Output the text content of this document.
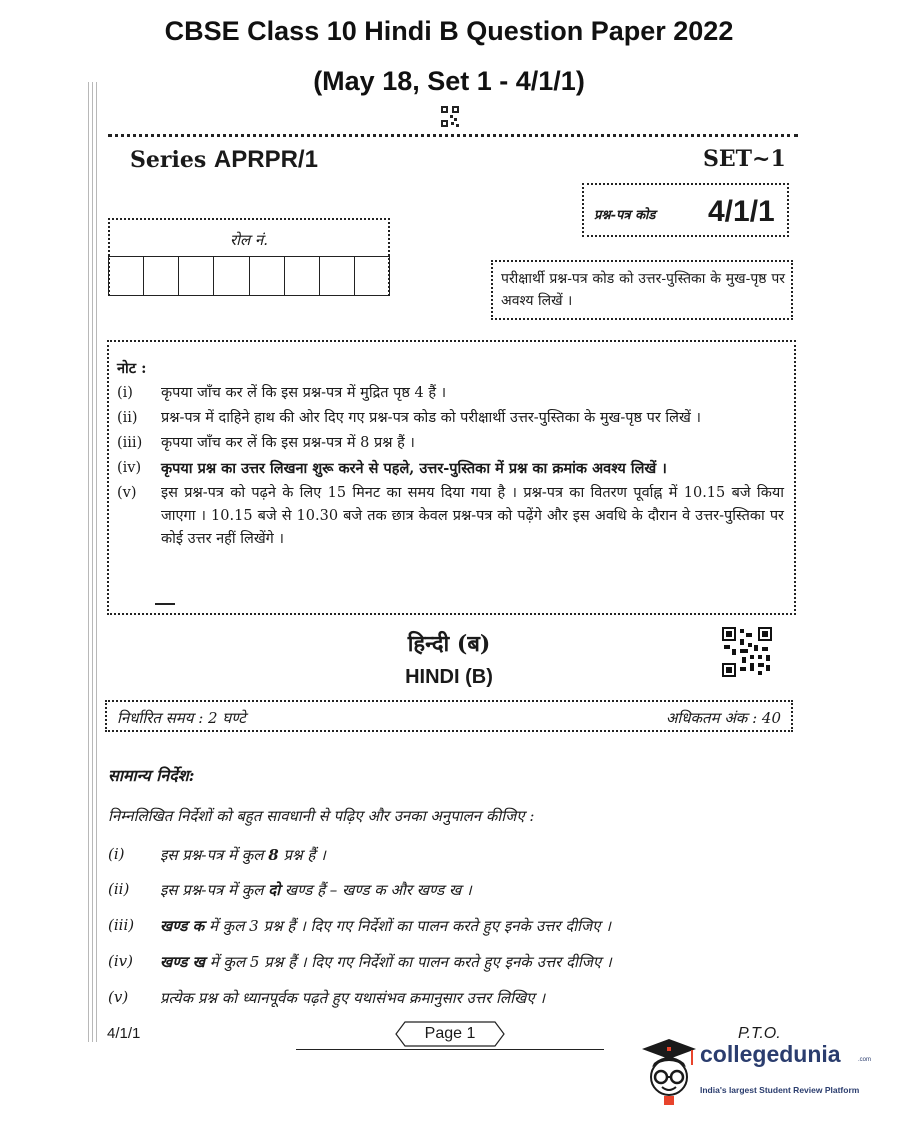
CBSE Class 10 Hindi B Question Paper 2022
(May 18, Set 1 - 4/1/1)
Series APRPR/1	SET~1
प्रश्न-पत्र कोड 4/1/1
रोल नं.
परीक्षार्थी प्रश्न-पत्र कोड को उत्तर-पुस्तिका के मुख-पृष्ठ पर अवश्य लिखें ।
नोट :
(i)	कृपया जाँच कर लें कि इस प्रश्न-पत्र में मुद्रित पृष्ठ 4 हैं ।
(ii)	प्रश्न-पत्र में दाहिने हाथ की ओर दिए गए प्रश्न-पत्र कोड को परीक्षार्थी उत्तर-पुस्तिका के मुख-पृष्ठ पर लिखें ।
(iii)	कृपया जाँच कर लें कि इस प्रश्न-पत्र में 8 प्रश्न हैं ।
(iv)	कृपया प्रश्न का उत्तर लिखना शुरू करने से पहले, उत्तर-पुस्तिका में प्रश्न का क्रमांक अवश्य लिखें ।
(v)	इस प्रश्न-पत्र को पढ़ने के लिए 15 मिनट का समय दिया गया है । प्रश्न-पत्र का वितरण पूर्वाह्न में 10.15 बजे किया जाएगा । 10.15 बजे से 10.30 बजे तक छात्र केवल प्रश्न-पत्र को पढ़ेंगे और इस अवधि के दौरान वे उत्तर-पुस्तिका पर कोई उत्तर नहीं लिखेंगे ।
हिन्दी (ब)
HINDI (B)
निर्धारित समय : 2 घण्टे	अधिकतम अंक : 40
सामान्य निर्देश:
निम्नलिखित निर्देशों को बहुत सावधानी से पढ़िए और उनका अनुपालन कीजिए :
(i)	इस प्रश्न-पत्र में कुल 8 प्रश्न हैं ।
(ii)	इस प्रश्न-पत्र में कुल दो खण्ड हैं – खण्ड क और खण्ड ख ।
(iii)	खण्ड क में कुल 3 प्रश्न हैं । दिए गए निर्देशों का पालन करते हुए इनके उत्तर दीजिए ।
(iv)	खण्ड ख में कुल 5 प्रश्न हैं । दिए गए निर्देशों का पालन करते हुए इनके उत्तर दीजिए ।
(v)	प्रत्येक प्रश्न को ध्यानपूर्वक पढ़ते हुए यथासंभव क्रमानुसार उत्तर लिखिए ।
4/1/1	Page 1	P.T.O.
collegedunia	.com
India's largest Student Review Platform
